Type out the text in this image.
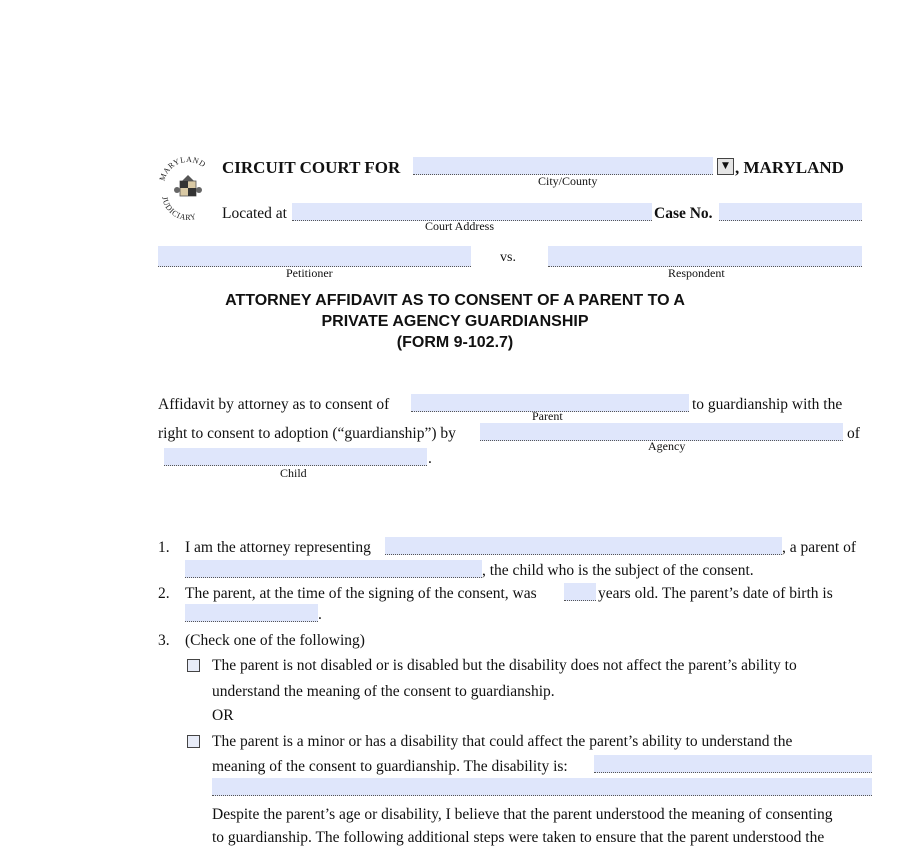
MARYLAND
JUDICIARY
CIRCUIT COURT FOR	▼ , MARYLAND
City/County
Located at
Court Address
Case No.
Petitioner
vs.
Respondent
ATTORNEY AFFIDAVIT AS TO CONSENT OF A PARENT TO A
PRIVATE AGENCY GUARDIANSHIP
(FORM 9-102.7)
Affidavit by attorney as to consent of
Parent
to guardianship with the
right to consent to adoption (“guardianship”) by
Agency
of
.
Child
1. I am the attorney representing	, a parent of
, the child who is the subject of the consent.
2. The parent, at the time of the signing of the consent, was	years old. The parent’s date of birth is
.
3. (Check one of the following)
The parent is not disabled or is disabled but the disability does not affect the parent’s ability to
understand the meaning of the consent to guardianship.
OR
The parent is a minor or has a disability that could affect the parent’s ability to understand the
meaning of the consent to guardianship. The disability is:
Despite the parent’s age or disability, I believe that the parent understood the meaning of consenting
to guardianship. The following additional steps were taken to ensure that the parent understood the
